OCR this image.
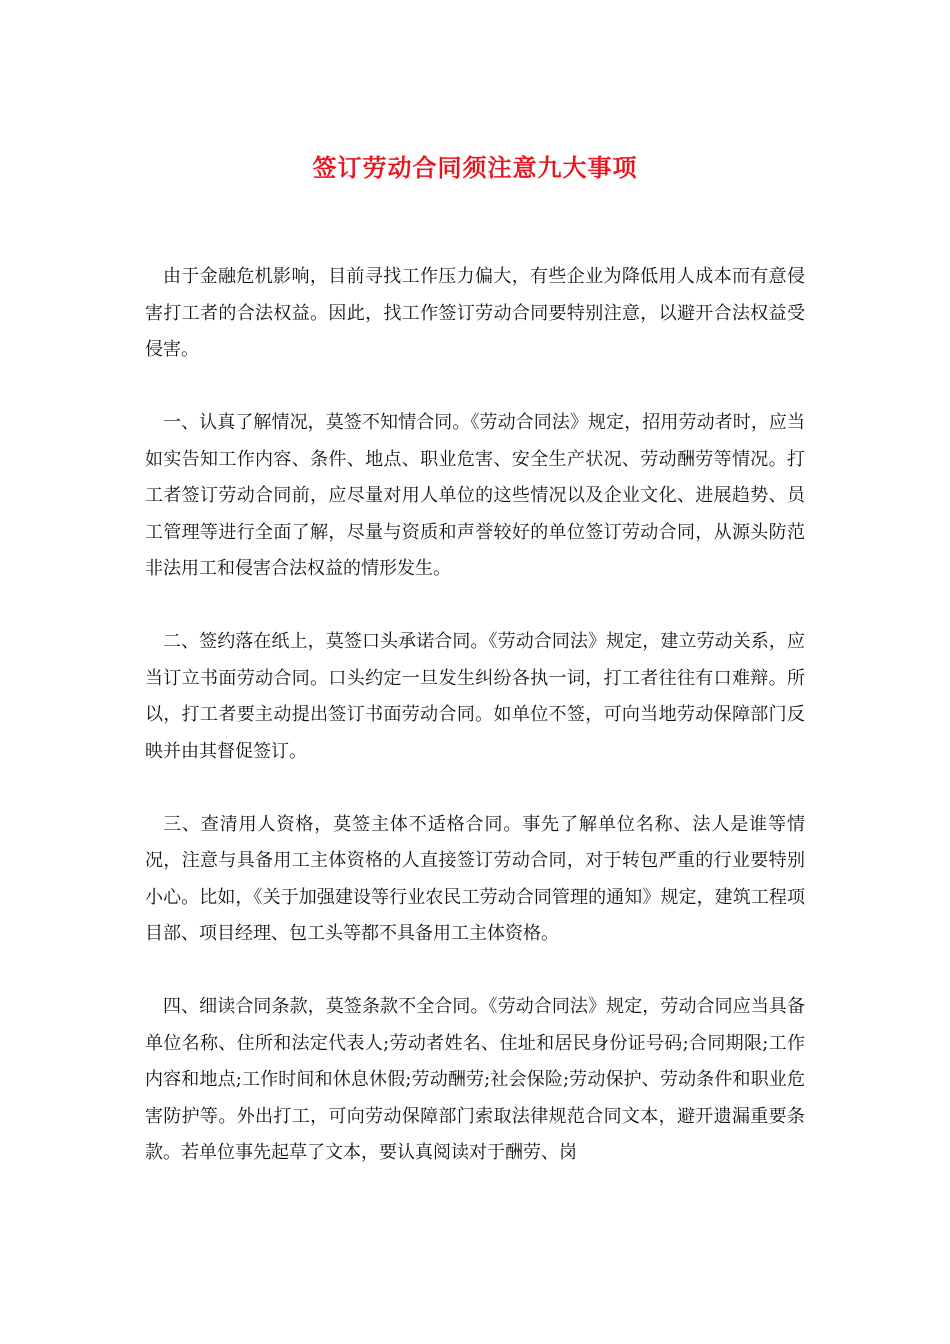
签订劳动合同须注意九大事项

由于金融危机影响，目前寻找工作压力偏大，有些企业为降低用人成本而有意侵害打工者的合法权益。因此，找工作签订劳动合同要特别注意，以避开合法权益受侵害。

一、认真了解情况，莫签不知情合同。《劳动合同法》规定，招用劳动者时，应当如实告知工作内容、条件、地点、职业危害、安全生产状况、劳动酬劳等情况。打工者签订劳动合同前，应尽量对用人单位的这些情况以及企业文化、进展趋势、员工管理等进行全面了解，尽量与资质和声誉较好的单位签订劳动合同，从源头防范非法用工和侵害合法权益的情形发生。

二、签约落在纸上，莫签口头承诺合同。《劳动合同法》规定，建立劳动关系，应当订立书面劳动合同。口头约定一旦发生纠纷各执一词，打工者往往有口难辩。所以，打工者要主动提出签订书面劳动合同。如单位不签，可向当地劳动保障部门反映并由其督促签订。

三、查清用人资格，莫签主体不适格合同。事先了解单位名称、法人是谁等情况，注意与具备用工主体资格的人直接签订劳动合同，对于转包严重的行业要特别小心。比如，《关于加强建设等行业农民工劳动合同管理的通知》规定，建筑工程项目部、项目经理、包工头等都不具备用工主体资格。

四、细读合同条款，莫签条款不全合同。《劳动合同法》规定，劳动合同应当具备单位名称、住所和法定代表人;劳动者姓名、住址和居民身份证号码;合同期限;工作内容和地点;工作时间和休息休假;劳动酬劳;社会保险;劳动保护、劳动条件和职业危害防护等。外出打工，可向劳动保障部门索取法律规范合同文本，避开遗漏重要条款。若单位事先起草了文本，要认真阅读对于酬劳、岗
